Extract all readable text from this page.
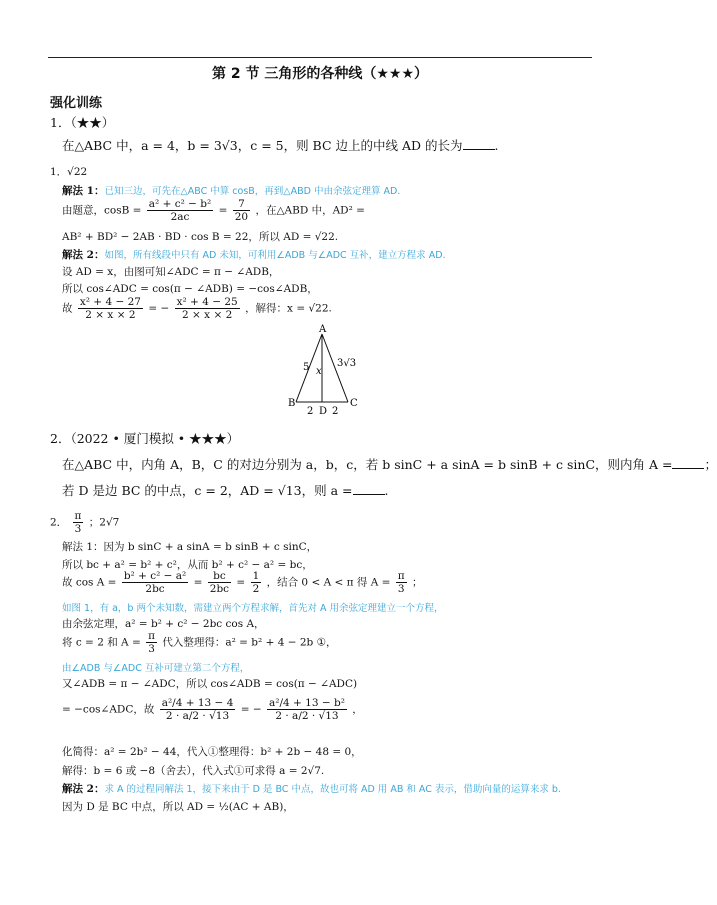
第 2 节 三角形的各种线（★★★）
强化训练
1．（★★）
在△ABC 中，a = 4，b = 3√3，c = 5，则 BC 边上的中线 AD 的长为	.
1．√22
解法 1：已知三边，可先在△ABC 中算 cosB，再到△ABD 中由余弦定理算 AD.
由题意，$\cos B = \frac{\text{a² + c² − b²}}{2ac} = \frac{7}{20}$ ，在△ABD 中，AD² =
AB² + BD² − 2AB · BD · cos B = 22，所以 AD = √22.
解法 2：如图，所有线段中只有 AD 未知，可利用∠ADB 与∠ADC 互补，建立方程求 AD.
设 AD = x，由图可知∠ADC = π − ∠ADB，
所以 cos∠ADC = cos(π − ∠ADB) = −cos∠ADB，
故 $\frac{\text{x² + 4 − 27}}{2 \times x \times 2}$ = − $\frac{\text{x² + 4 − 25}}{2 \times x \times 2}$ ，解得：x = √22.
A
B	C
D
x
5	3√3
2 2
2．（2022 • 厦门模拟 • ★★★）
在△ABC 中，内角 A，B，C 的对边分别为 a，b，c，若 b sinC + a sinA = b sinB + c sinC，则内角 A =	；
若 D 是边 BC 的中点，c = 2，AD = √13，则 a =	.
2． $\frac{\pi}{3}$ ；2√7
解法 1：因为 b sinC + a sinA = b sinB + c sinC，
所以 bc + a² = b² + c²，从而 b² + c² − a² = bc，
故 $\cos A = \frac{\text{b² + c² − a²}}{2bc} = \frac{bc}{2bc} = \frac{1}{2}$ ，结合 0 < A < π 得 $A = \frac{\pi}{3}$ ；
如图 1，有 a，b 两个未知数，需建立两个方程求解，首先对 A 用余弦定理建立一个方程，
由余弦定理，a² = b² + c² − 2bc cos A，
将 c = 2 和 $A = \frac{\pi}{3}$ 代入整理得：a² = b² + 4 − 2b ①，
由∠ADB 与∠ADC 互补可建立第二个方程，
又∠ADB = π − ∠ADC，所以 cos∠ADB = cos(π − ∠ADC)
= −cos∠ADC，故 $\frac{\text{a²/4 + 13 − 4}}{2 \cdot a/2 \cdot √13}$ = − $\frac{\text{a²/4 + 13 − b²}}{2 \cdot a/2 \cdot √13}$ ，
化简得：a² = 2b² − 44，代入①整理得：b² + 2b − 48 = 0，
解得：b = 6 或 −8（舍去），代入式①可求得 a = 2√7.
解法 2：求 A 的过程同解法 1，接下来由于 D 是 BC 中点，故也可将 AD 用 AB 和 AC 表示，借助向量的运算来求 b.
因为 D 是 BC 中点，所以 AD = ½(AC + AB)，
